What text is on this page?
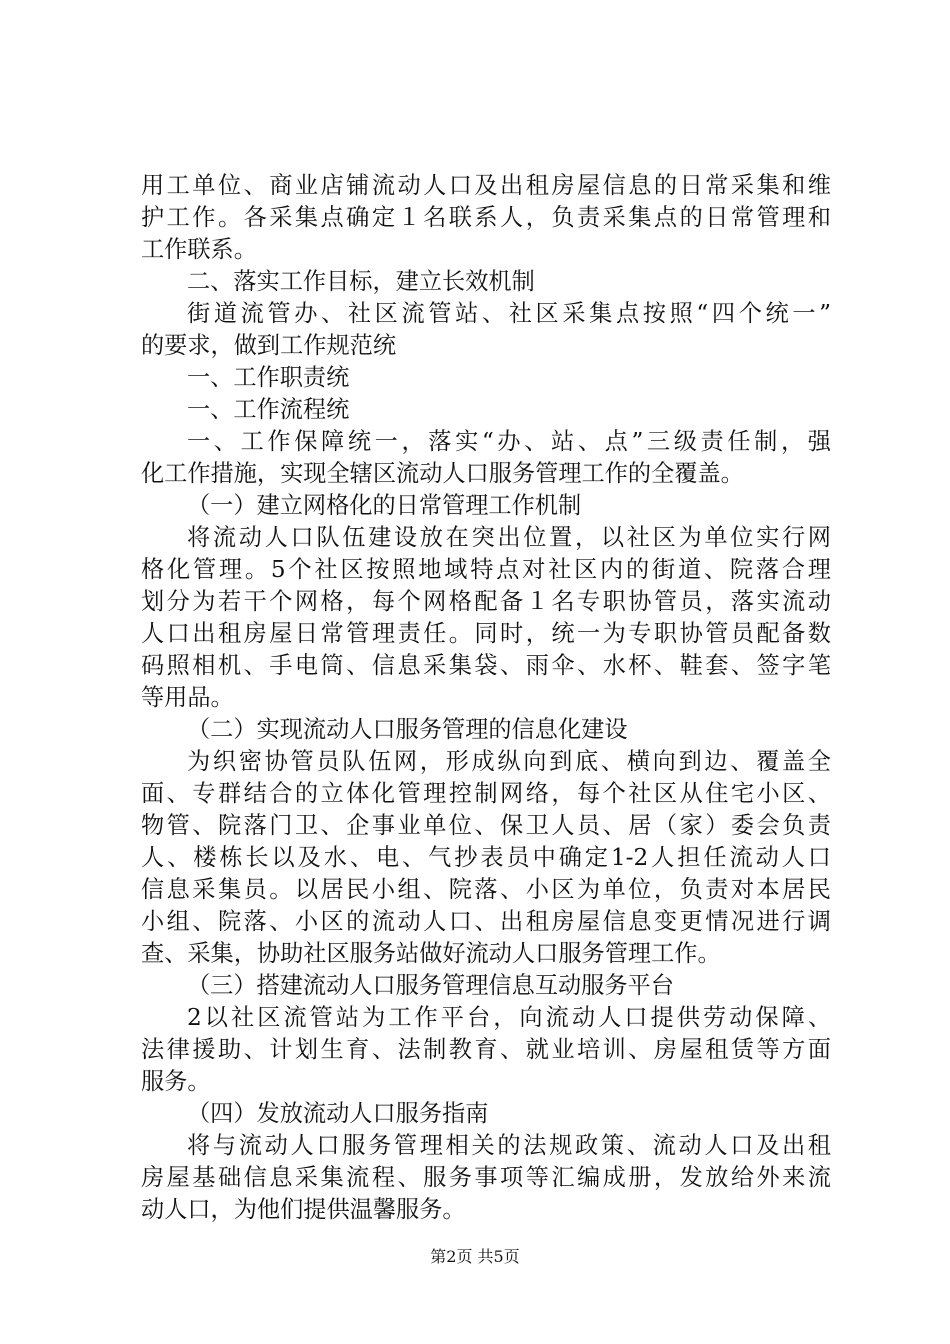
用工单位、商业店铺流动人口及出租房屋信息的日常采集和维
护工作。各采集点确定１名联系人，负责采集点的日常管理和
工作联系。
二、落实工作目标，建立长效机制
街道流管办、社区流管站、社区采集点按照“四个统一”
的要求，做到工作规范统
一、工作职责统
一、工作流程统
一、工作保障统一，落实“办、站、点”三级责任制，强
化工作措施，实现全辖区流动人口服务管理工作的全覆盖。
（一）建立网格化的日常管理工作机制
将流动人口队伍建设放在突出位置，以社区为单位实行网
格化管理。5个社区按照地域特点对社区内的街道、院落合理
划分为若干个网格，每个网格配备１名专职协管员，落实流动
人口出租房屋日常管理责任。同时，统一为专职协管员配备数
码照相机、手电筒、信息采集袋、雨伞、水杯、鞋套、签字笔
等用品。
（二）实现流动人口服务管理的信息化建设
为织密协管员队伍网，形成纵向到底、横向到边、覆盖全
面、专群结合的立体化管理控制网络，每个社区从住宅小区、
物管、院落门卫、企事业单位、保卫人员、居（家）委会负责
人、楼栋长以及水、电、气抄表员中确定1-2人担任流动人口
信息采集员。以居民小组、院落、小区为单位，负责对本居民
小组、院落、小区的流动人口、出租房屋信息变更情况进行调
查、采集，协助社区服务站做好流动人口服务管理工作。
（三）搭建流动人口服务管理信息互动服务平台
2以社区流管站为工作平台，向流动人口提供劳动保障、
法律援助、计划生育、法制教育、就业培训、房屋租赁等方面
服务。
（四）发放流动人口服务指南
将与流动人口服务管理相关的法规政策、流动人口及出租
房屋基础信息采集流程、服务事项等汇编成册，发放给外来流
动人口，为他们提供温馨服务。
第2页 共5页
